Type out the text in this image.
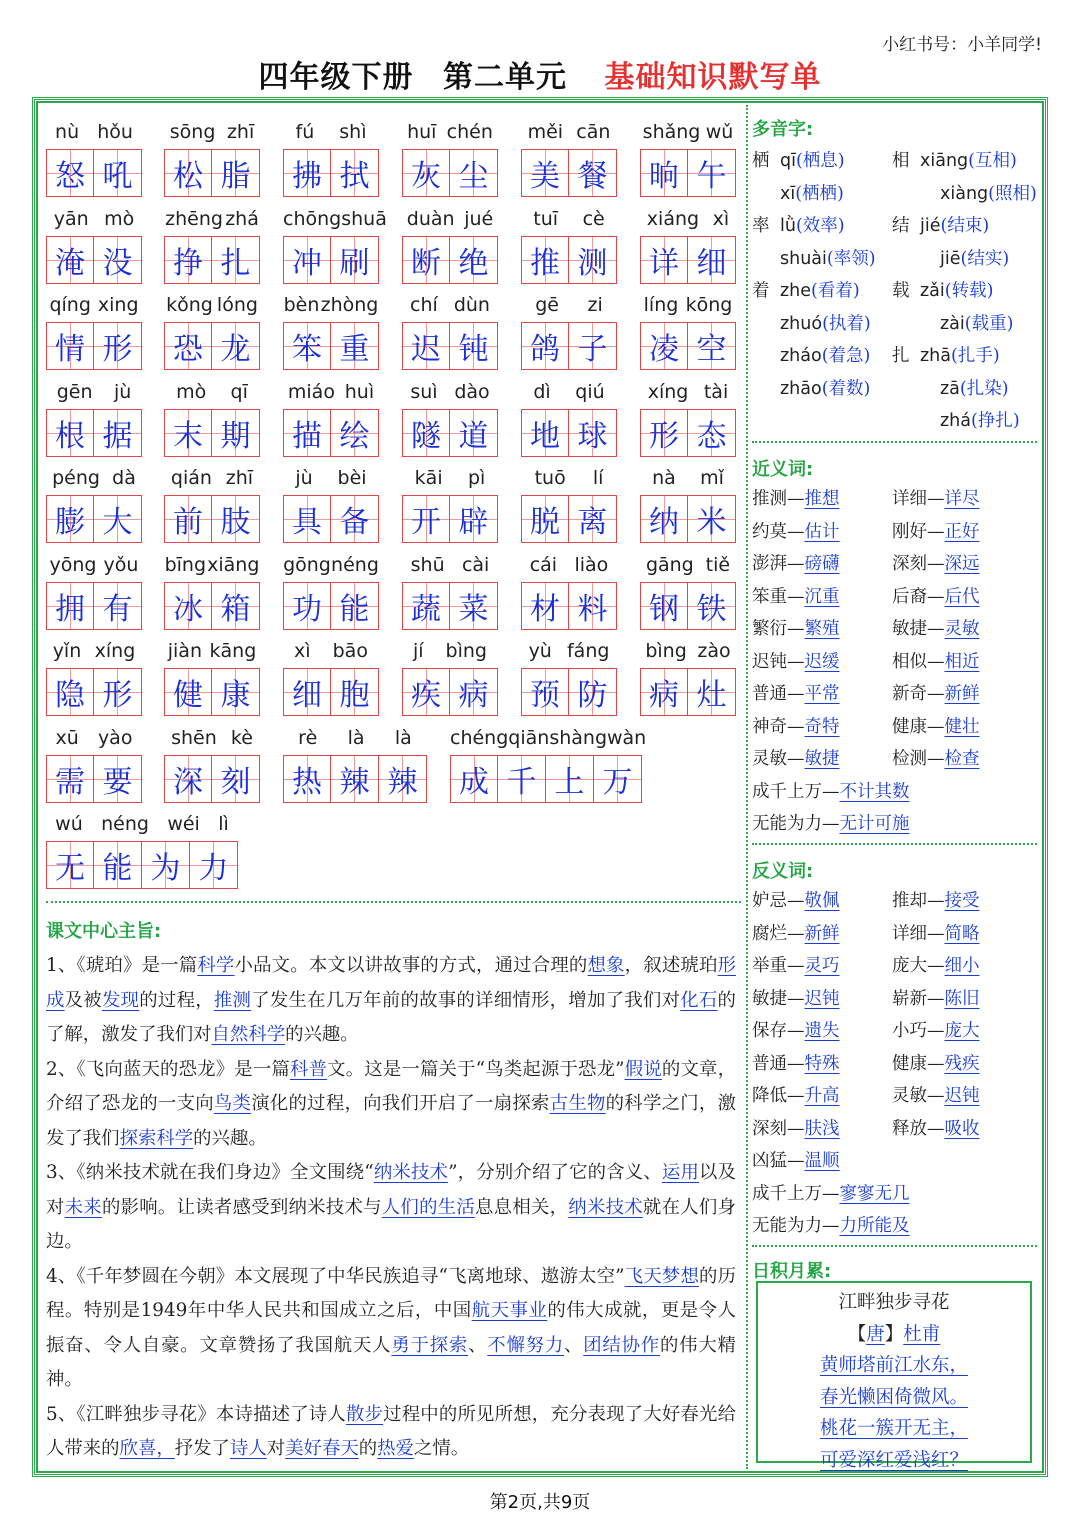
小红书号：小羊同学!
四年级下册 第二单元 基础知识默写单
nù hǒu
怒 吼
sōng zhī
松 脂
fú shì
拂 拭
huī chén
灰 尘
měi cān
美 餐
shǎng wǔ
晌 午
yān mò
淹 没
zhēng zhá
挣 扎
chōng shuā
冲 刷
duàn jué
断 绝
tuī cè
推 测
xiáng xì
详 细
qíng xing
情 形
kǒng lóng
恐 龙
bèn zhòng
笨 重
chí dùn
迟 钝
gē zi
鸽 子
líng kōng
凌 空
gēn jù
根 据
mò qī
末 期
miáo huì
描 绘
suì dào
隧 道
dì qiú
地 球
xíng tài
形 态
péng dà
膨 大
qián zhī
前 肢
jù bèi
具 备
kāi pì
开 辟
tuō lí
脱 离
nà mǐ
纳 米
yōng yǒu
拥 有
bīng xiāng
冰 箱
gōng néng
功 能
shū cài
蔬 菜
cái liào
材 料
gāng tiě
钢 铁
yǐn xíng
隐 形
jiàn kāng
健 康
xì bāo
细 胞
jí bìng
疾 病
yù fáng
预 防
bìng zào
病 灶
xū yào
需 要
shēn kè
深 刻
rè là là
热 辣 辣
chéng qiān shàng wàn
成 千 上 万
wú néng wéi lì
无 能 为 力
课文中心主旨:
1、《琥珀》是一篇科学小品文。本文以讲故事的方式，通过合理的想象，叙述琥珀形成及被发现的过程，推测了发生在几万年前的故事的详细情形，增加了我们对化石的了解，激发了我们对自然科学的兴趣。
2、《飞向蓝天的恐龙》是一篇科普文。这是一篇关于“鸟类起源于恐龙”假说的文章，介绍了恐龙的一支向鸟类演化的过程，向我们开启了一扇探索古生物的科学之门，激发了我们探索科学的兴趣。
3、《纳米技术就在我们身边》全文围绕“纳米技术”，分别介绍了它的含义、运用以及对未来的影响。让读者感受到纳米技术与人们的生活息息相关，纳米技术就在人们身边。
4、《千年梦圆在今朝》本文展现了中华民族追寻“飞离地球、遨游太空”飞天梦想的历程。特别是1949年中华人民共和国成立之后，中国航天事业的伟大成就，更是令人振奋、令人自豪。文章赞扬了我国航天人勇于探索、不懈努力、团结协作的伟大精神。
5、《江畔独步寻花》本诗描述了诗人散步过程中的所见所想，充分表现了大好春光给人带来的欣喜，抒发了诗人对美好春天的热爱之情。
多音字:
栖 qī(栖息)	相 xiāng(互相)
xī(栖栖)	xiàng(照相)
率 lǜ(效率)	结 jié(结束)
shuài(率领)	jiē(结实)
着 zhe(看着) 载 zǎi(转载)
zhuó(执着)	zài(载重)
zháo(着急) 扎 zhā(扎手)
zhāo(着数)	zā(扎染)
zhá(挣扎)
近义词:
推测—推想	详细—详尽
约莫—估计	刚好—正好
澎湃—磅礴	深刻—深远
笨重—沉重	后裔—后代
繁衍—繁殖	敏捷—灵敏
迟钝—迟缓	相似—相近
普通—平常	新奇—新鲜
神奇—奇特	健康—健壮
灵敏—敏捷	检测—检查
成千上万—不计其数
无能为力—无计可施
反义词:
妒忌—敬佩	推却—接受
腐烂—新鲜	详细—简略
举重—灵巧	庞大—细小
敏捷—迟钝	崭新—陈旧
保存—遗失	小巧—庞大
普通—特殊	健康—残疾
降低—升高	灵敏—迟钝
深刻—肤浅	释放—吸收
凶猛—温顺
成千上万—寥寥无几
无能为力—力所能及
日积月累:
江畔独步寻花
【唐】杜甫
黄师塔前江水东，
春光懒困倚微风。
桃花一簇开无主，
可爱深红爱浅红？
第2页,共9页
